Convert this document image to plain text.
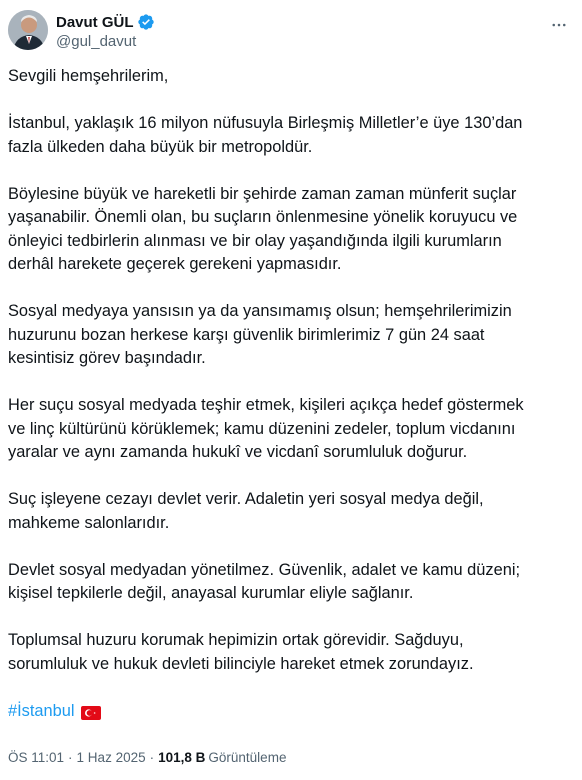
Davut GÜL
@gul_davut

Sevgili hemşehrilerim,

İstanbul, yaklaşık 16 milyon nüfusuyla Birleşmiş Milletler’e üye 130’dan
fazla ülkeden daha büyük bir metropoldür.

Böylesine büyük ve hareketli bir şehirde zaman zaman münferit suçlar
yaşanabilir. Önemli olan, bu suçların önlenmesine yönelik koruyucu ve
önleyici tedbirlerin alınması ve bir olay yaşandığında ilgili kurumların
derhâl harekete geçerek gerekeni yapmasıdır.

Sosyal medyaya yansısın ya da yansımamış olsun; hemşehrilerimizin
huzurunu bozan herkese karşı güvenlik birimlerimiz 7 gün 24 saat
kesintisiz görev başındadır.

Her suçu sosyal medyada teşhir etmek, kişileri açıkça hedef göstermek
ve linç kültürünü körüklemek; kamu düzenini zedeler, toplum vicdanını
yaralar ve aynı zamanda hukukî ve vicdanî sorumluluk doğurur.

Suç işleyene cezayı devlet verir. Adaletin yeri sosyal medya değil,
mahkeme salonlarıdır.

Devlet sosyal medyadan yönetilmez. Güvenlik, adalet ve kamu düzeni;
kişisel tepkilerle değil, anayasal kurumlar eliyle sağlanır.

Toplumsal huzuru korumak hepimizin ortak görevidir. Sağduyu,
sorumluluk ve hukuk devleti bilinciyle hareket etmek zorundayız.

#İstanbul
ÖS 11:01 · 1 Haz 2025 · 101,8 B Görüntüleme
